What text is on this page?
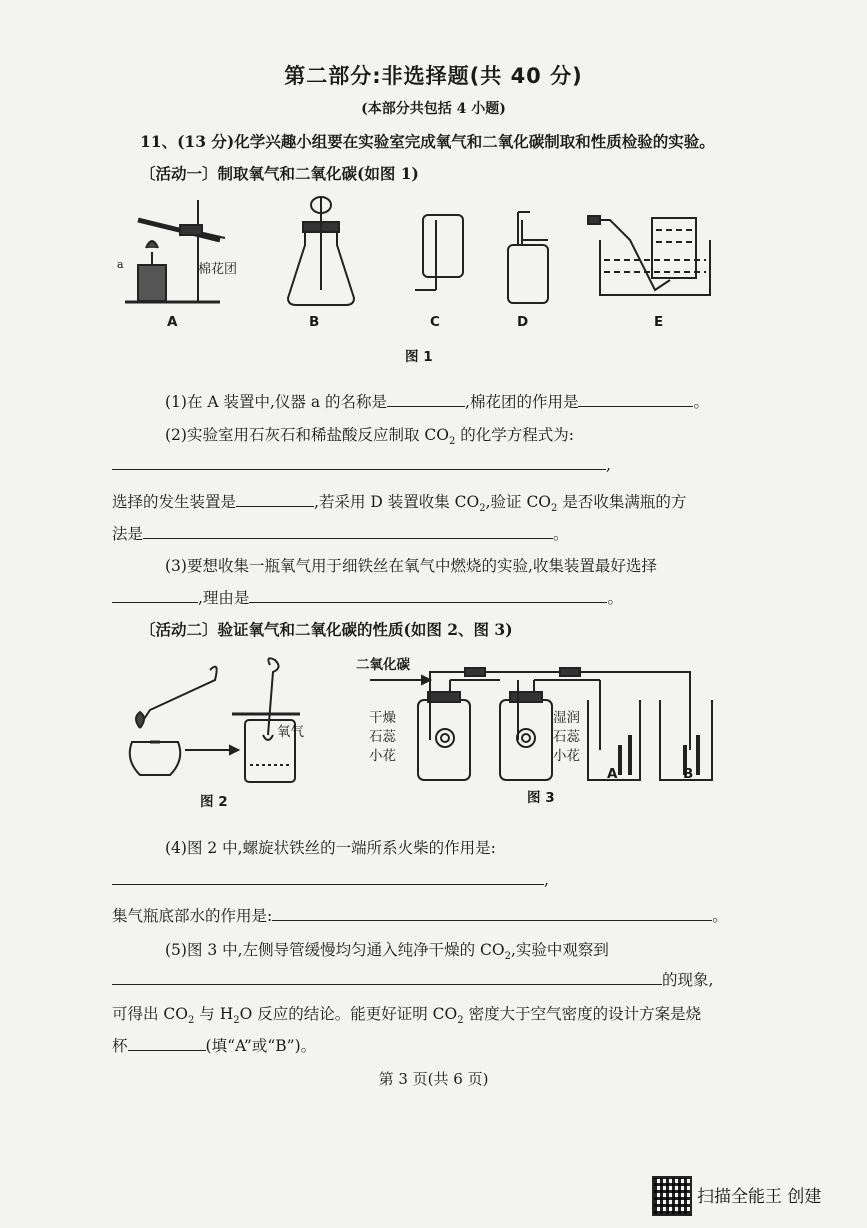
第二部分:非选择题(共 40 分)
(本部分共包括 4 小题)
11、(13 分)化学兴趣小组要在实验室完成氧气和二氧化碳制取和性质检验的实验。
〔活动一〕制取氧气和二氧化碳(如图 1)
a	棉花团
A	B	C	D	E
图 1
(1)在 A 装置中,仪器 a 的名称是	,棉花团的作用是	。
(2)实验室用石灰石和稀盐酸反应制取 $CO_2$ 的化学方程式为:
,
选择的发生装置是	,若采用 D 装置收集 $CO_2$,验证 $CO_2$ 是否收集满瓶的方
法是	。
(3)要想收集一瓶氧气用于细铁丝在氧气中燃烧的实验,收集装置最好选择
,理由是	。
〔活动二〕验证氧气和二氧化碳的性质(如图 2、图 3)
氧气
图 2
二氧化碳
干燥
石蕊
小花
湿润
石蕊
小花
A	B
图 3
(4)图 2 中,螺旋状铁丝的一端所系火柴的作用是:
,
集气瓶底部水的作用是:	。
(5)图 3 中,左侧导管缓慢均匀通入纯净干燥的 $CO_2$,实验中观察到
的现象,
可得出 $CO_2$ 与 $H_2O$ 反应的结论。能更好证明 $CO_2$ 密度大于空气密度的设计方案是烧
杯	(填“A”或“B”)。
第 3 页(共 6 页)
扫描全能王 创建
